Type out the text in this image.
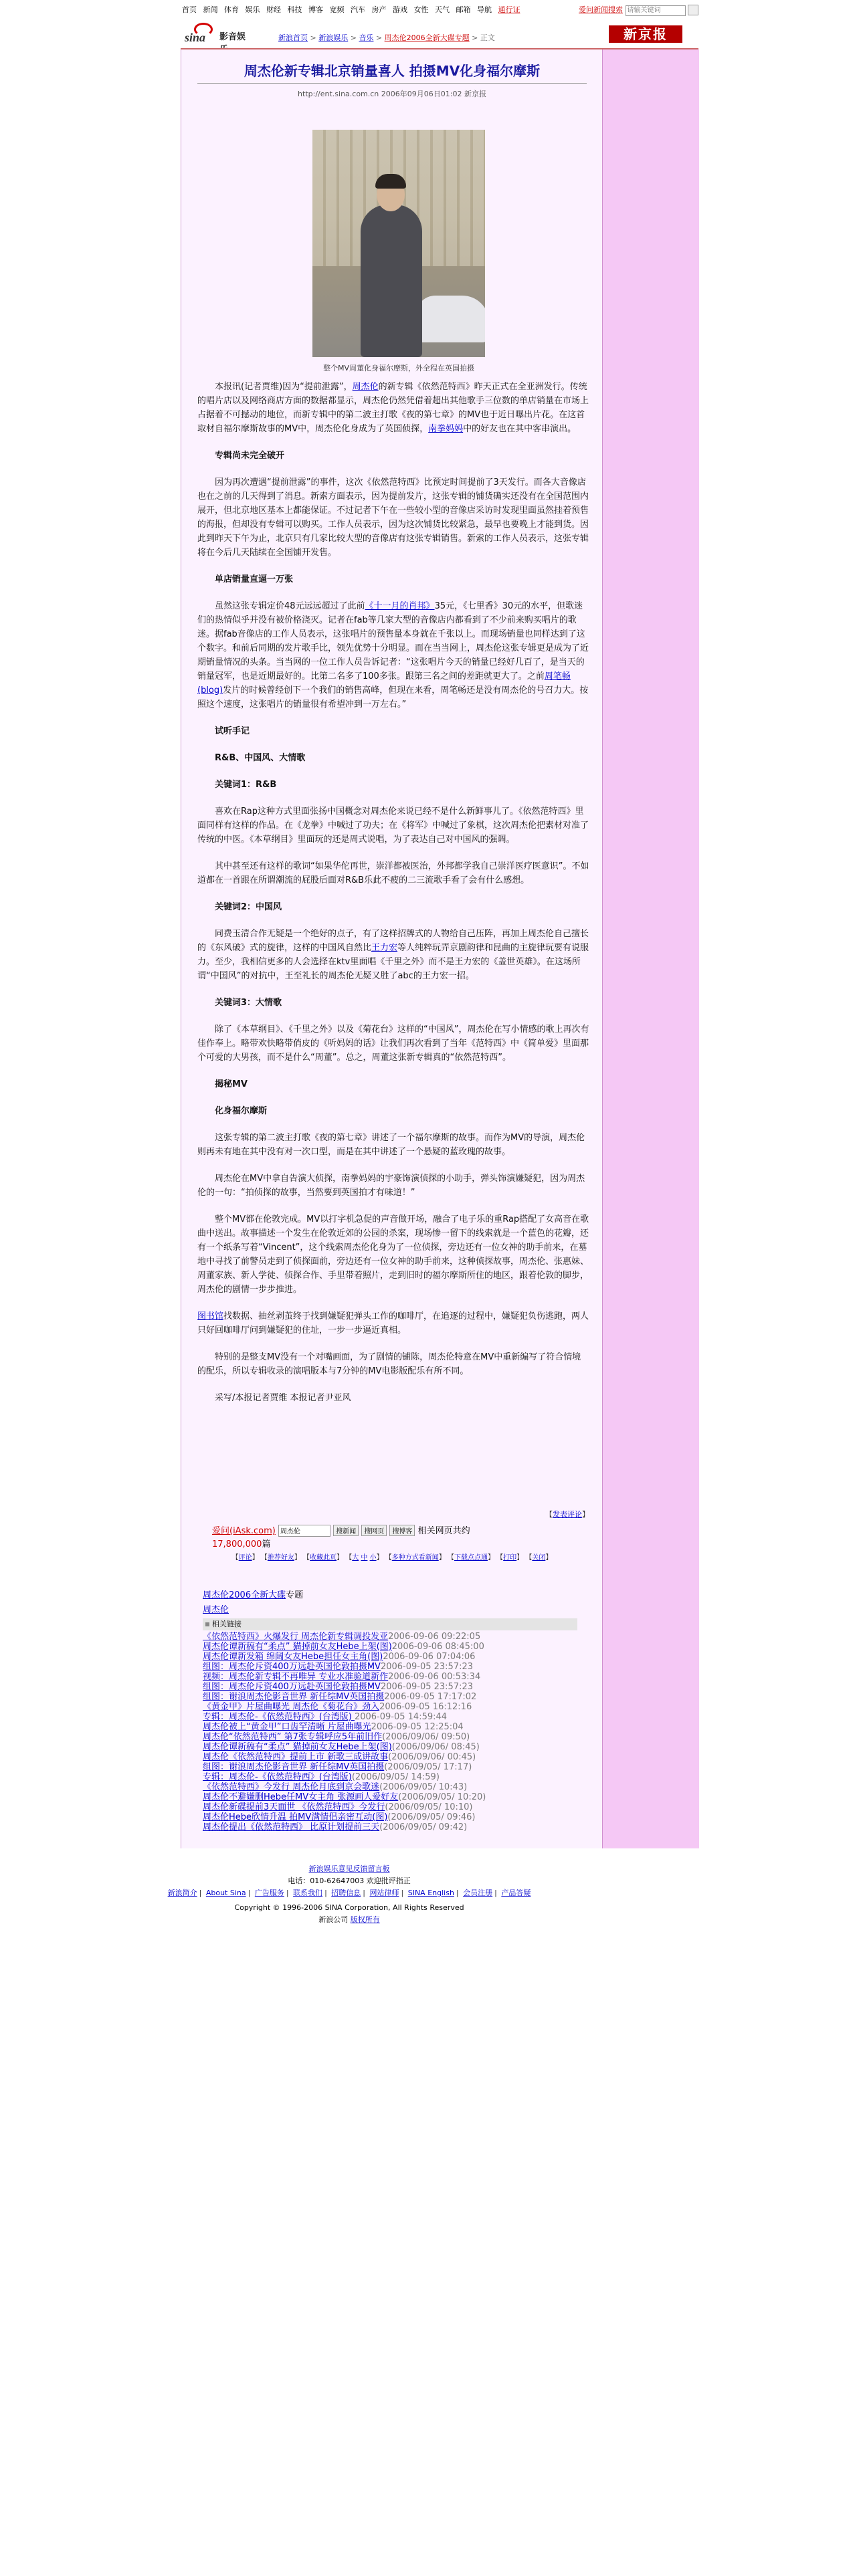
首页 新闻 体育 娱乐 财经 科技 博客 宽频 汽车 房产 游戏 女性 天气 邮箱 导航 通行证	爱问新闻搜索 请输关键词
sina 影音娱	新浪首页 > 新浪娱乐 > 音乐 > 周杰伦2006全新大碟专题 > 正文	新京报
周杰伦新专辑北京销量喜人 拍摄MV化身福尔摩斯
http://ent.sina.com.cn 2006年09月06日01:02 新京报
整个MV周董化身福尔摩斯，外全程在英国拍摄

本报讯(记者贾维)因为“提前泄露”，周杰伦的新专辑《依然范特西》昨天正式在全亚洲发行。传统的唱片店以及网络商店方面的数据都显示，周杰伦仍然凭借着超出其他歌手三位数的单店销量在市场上占据着不可撼动的地位，而新专辑中的第二波主打歌《夜的第七章》的MV也于近日曝出片花。在这首取材自福尔摩斯故事的MV中，周杰伦化身成为了英国侦探，南拳妈妈中的好友也在其中客串演出。

专辑尚未完全破开

因为再次遭遇“提前泄露”的事件，这次《依然范特西》比预定时间提前了3天发行。而各大音像店也在之前的几天得到了消息。新索方面表示，因为提前发片，这张专辑的铺货确实还没有在全国范围内展开，但北京地区基本上都能保证。不过记者下午在一些较小型的音像店采访时发现里面虽然挂着预售的海报，但却没有专辑可以购买。工作人员表示，因为这次铺货比较紧急，最早也要晚上才能到货。因此到昨天下午为止，北京只有几家比较大型的音像店有这张专辑销售。新索的工作人员表示，这张专辑将在今后几天陆续在全国铺开发售。

单店销量直逼一万张

虽然这张专辑定价48元远远超过了此前《十一月的肖邦》35元，《七里香》30元的水平，但歌迷们的热情似乎并没有被价格浇灭。记者在fab等几家大型的音像店内都看到了不少前来购买唱片的歌迷。据fab音像店的工作人员表示，这张唱片的预售量本身就在千张以上。而现场销量也同样达到了这个数字。和前后同期的发片歌手比，领先优势十分明显。而在当当网上，周杰伦这张专辑更是成为了近期销量情况的头条。当当网的一位工作人员告诉记者：“这张唱片今天的销量已经好几百了，是当天的销量冠军，也是近期最好的。比第二名多了100多张。跟第三名之间的差距就更大了。之前周笔畅(blog)发片的时候曾经创下一个我们的销售高峰，但现在来看，周笔畅还是没有周杰伦的号召力大。按照这个速度，这张唱片的销量很有希望冲到一万左右。”

试听手记

R&B、中国风、大情歌

关键词1：R&B

喜欢在Rap这种方式里面张扬中国概念对周杰伦来说已经不是什么新鲜事儿了。《依然范特西》里面同样有这样的作品。在《龙拳》中喊过了功夫；在《将军》中喊过了象棋，这次周杰伦把素材对准了传统的中医。《本草纲目》里面玩的还是周式说唱，为了表达自己对中国风的强调。

其中甚至还有这样的歌词“如果华佗再世，崇洋都被医治，外邦都学我自己崇洋医疗医意识”。不如道都在一首跟在所谓潮流的屁股后面对R&B乐此不疲的二三流歌手看了会有什么感想。

关键词2：中国风

同费玉清合作无疑是一个绝好的点子，有了这样招牌式的人物给自己压阵，再加上周杰伦自己擅长的《东风破》式的旋律，这样的中国风自然比王力宏等人纯粹玩弄京剧韵律和昆曲的主旋律玩要有说服力。至少，我相信更多的人会选择在ktv里面唱《千里之外》而不是王力宏的《盖世英雄》。在这场所谓“中国风”的对抗中，王至礼长的周杰伦无疑又胜了abc的王力宏一招。

关键词3：大情歌

除了《本草纲目》、《千里之外》以及《菊花台》这样的“中国风”，周杰伦在写小情感的歌上再次有佳作奉上。略带欢快略带俏皮的《听妈妈的话》让我们再次看到了当年《范特西》中《简单爱》里面那个可爱的大男孩，而不是什么“周董”。总之，周董这张新专辑真的“依然范特西”。

揭秘MV

化身福尔摩斯

这张专辑的第二波主打歌《夜的第七章》讲述了一个福尔摩斯的故事。而作为MV的导演，周杰伦则再未有地在其中没有对一次口型，而是在其中讲述了一个悬疑的蓝玫瑰的故事。

周杰伦在MV中拿自告演大侦探，南拳妈妈的宇豪饰演侦探的小助手，弹头饰演嫌疑犯，因为周杰伦的一句：“拍侦探的故事，当然要到英国拍才有味道！”

整个MV都在伦敦完成。MV以打字机急促的声音做开场，融合了电子乐的重Rap搭配了女高音在歌曲中送出。故事描述一个发生在伦敦近郊的公园的杀案，现场惨一留下的线索就是一个蓝色的花瓣，还有一个纸条写着“Vincent”，这个线索周杰伦化身为了一位侦探，旁边还有一位女神的助手前来，在墓地中寻找了前警员走到了侦探面前，旁边还有一位女神的助手前来，这种侦探故事，周杰伦、张惠妹、周董家族、新人学徒、侦探合作、手里带着照片，走到旧时的福尔摩斯所住的地区，跟着伦敦的脚步，周杰伦的剧情一步步推进。

图书馆找数据、抽丝剥茧终于找到嫌疑犯弹头工作的咖啡厅，在追逐的过程中，嫌疑犯负伤逃跑，两人只好回咖啡厅问到嫌疑犯的住址，一步一步逼近真相。

特别的是整支MV没有一个对嘴画面，为了剧情的铺陈，周杰伦特意在MV中重新编写了符合情境的配乐，所以专辑收录的演唱版本与7分钟的MV电影版配乐有所不同。

采写/本报记者贾维 本报记者尹亚风

【发表评论】
爱问(iAsk.com) 周杰伦	搜新闻 搜网页 搜博客 相关网页共约
17,800,000篇
【评论】 【推荐好友】 【收藏此页】 【大 中 小】 【多种方式看新闻】 【下载点点通】 【打印】 【关闭】
周杰伦2006全新大碟专题
周杰伦
相关链接
《依然范特西》火爆发行 周杰伦新专辑调投发亚2006-09-06 09:22:05
周杰伦谭新稿有“柔点” 猫掉前女友Hebe上架(图)2006-09-06 08:45:00
周杰伦谭新发箱 绵阔女友Hebe担任女主角(图)2006-09-06 07:04:06
组图：周杰伦斥资400万远赴英国伦敦拍摄MV2006-09-05 23:57:23
视频：周杰伦新专辑不再唯异 专业水准验道新作2006-09-06 00:53:34
组图：周杰伦斥资400万远赴英国伦敦拍摄MV2006-09-05 23:57:23
组图：谢浪周杰伦影音世界 新任综MV英国拍摄2006-09-05 17:17:02
《黄金甲》片屋曲曝光 周杰伦《菊花台》劲入2006-09-05 16:12:16
专辑：周杰伦-《依然范特西》(台湾版) 2006-09-05 14:59:44
周杰伦被上“黄金甲”口齿罕清晰 片屋曲曝光2006-09-05 12:25:04
周杰伦“依然范特西” 第7张专辑呼应5年前旧作(2006/09/06/ 09:50)
周杰伦谭新稿有“柔点” 猫掉前女友Hebe上架(图)(2006/09/06/ 08:45)
周杰伦《依然范特西》提前上市 新歌三成讲故事(2006/09/06/ 00:45)
组图：谢浪周杰伦影音世界 新任综MV英国拍摄(2006/09/05/ 17:17)
专辑：周杰伦-《依然范特西》(台湾版)(2006/09/05/ 14:59)
《依然范特西》今发行 周杰伦月底到京会歌迷(2006/09/05/ 10:43)
周杰伦不避嫌删Hebe任MV女主角 张源画人爱好友(2006/09/05/ 10:20)
周杰伦新碟提前3天面世 《依然范特西》今发行(2006/09/05/ 10:10)
周杰伦Hebe欣情升温 拍MV满情侣亲密互动(图)(2006/09/05/ 09:46)
周杰伦提出《依然范特西》 比原计划提前三天(2006/09/05/ 09:42)
新浪娱乐意见反馈留言板
电话：010-62647003 欢迎批评指正
新浪简介 | About Sina | 广告服务 | 联系我们 | 招聘信息 | 网站律师 | SINA English | 会员注册 | 产品答疑
Copyright © 1996-2006 SINA Corporation, All Rights Reserved
新浪公司 版权所有
